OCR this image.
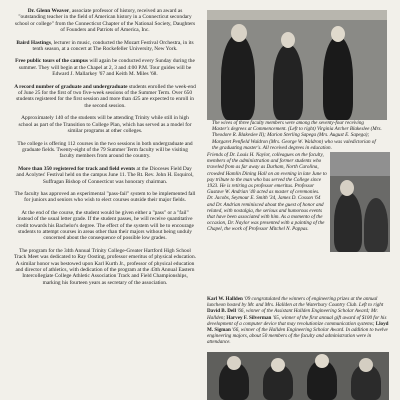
Dr. Glenn Weaver, associate professor of history, received an award as "outstanding teacher in the field of American history in a Connecticut secondary school or college" from the Connecticut Chapter of the National Society, Daughters of Founders and Patriots of America, Inc.

Baird Hastings, lecturer in music, conducted the Mozart Festival Orchestra, in its tenth season, at a concert at The Rockefeller University, New York.

Free public tours of the campus will again be conducted every Sunday during the summer. They will begin at the Chapel at 2, 3 and 4:00 P.M. Tour guides will be Edward J. Mallarkey '67 and Keith M. Miles '68.

A record number of graduate and undergraduate students enrolled the week-end of June 25 for the first of two five-week sessions of the Summer Term. Over 650 students registered for the first session and more than 425 are expected to enroll in the second session.

Approximately 140 of the students will be attending Trinity while still in high school as part of the Transition to College Plan, which has served as a model for similar programs at other colleges.

The college is offering 112 courses in the two sessions in both undergraduate and graduate fields. Twenty-eight of the 79 Summer Term faculty will be visiting faculty members from around the country.

More than 350 registered for track and field events at the Dioceses Field Day and Acolytes' Festival held on the campus June 11. The Rt. Rev. John H. Esquirol, Suffragan Bishop of Connecticut was honorary chairman.

The faculty has approved an experimental "pass-fail" system to be implemented fall for juniors and seniors who wish to elect courses outside their major fields.

At the end of the course, the student would be given either a "pass" or a "fail" instead of the usual letter grade. If the student passes, he will receive quantitative credit towards his Bachelor's degree. The effect of the system will be to encourage students to attempt courses in areas other than their majors without being unduly concerned about the consequence of possible low grades.

The program for the 34th Annual Trinity College-Greater Hartford High School Track Meet was dedicated to Ray Oosting, professor emeritus of physical education. A similar honor was bestowed upon Karl Kurth Jr., professor of physical education and director of athletics, with dedication of the program at the 43th Annual Eastern Intercollegiate College Athletic Association Track and Field Championships, marking his fourteen years as secretary of the association.

The wives of three faculty members were among the seventy-four receiving Master's degrees at Commencement. (Left to right) Virginia Archer Blakeslee (Mrs. Theodore R. Blakeslee II); Marion Sterling Sapega (Mrs. August E. Sapega); Margaret Penfield Waldron (Mrs. George W. Waldron) who was valedictorian of the graduating master's. All received degrees in education.
Friends of Dr. Louis H. Naylor, colleagues on the faculty, members of the administration and former students who traveled from as far away as Durham, North Carolina, crowded Hamlin Dining Hall on an evening in late June to pay tribute to the man who has served the College since 1923. He is retiring as professor emeritus. Professor Gustave W. Andrian '40 acted as master of ceremonies. Dr. Jacobs, Seymour E. Smith '34, James D. Cosson '64 and Dr. Andrian reminisced about the guest of honor and related, with nostalgia, the serious and humorous events that have been associated with him. As a momento of the occasion, Dr. Naylor was presented with a painting of the Chapel, the work of Professor Mitchel N. Pappas.
Karl W. Hallden '09 congratulated the winners of engineering prizes at the annual luncheon hosted by Mr. and Mrs. Hallden at the Waterbury Country Club. Left to right David B. Dell '66, winner of the Assistant Hallden Engineering Scholar Award; Mr. Hallden; Harvey F. Silverman '65, winner of the first annual gift award of $100 for his development of a computer device that may revolutionize communication systems; Lloyd M. Sigman '66, winner of the Hallden Engineering Scholar Award. In addition to twelve engineering majors, about 50 members of the faculty and administration were in attendance.
